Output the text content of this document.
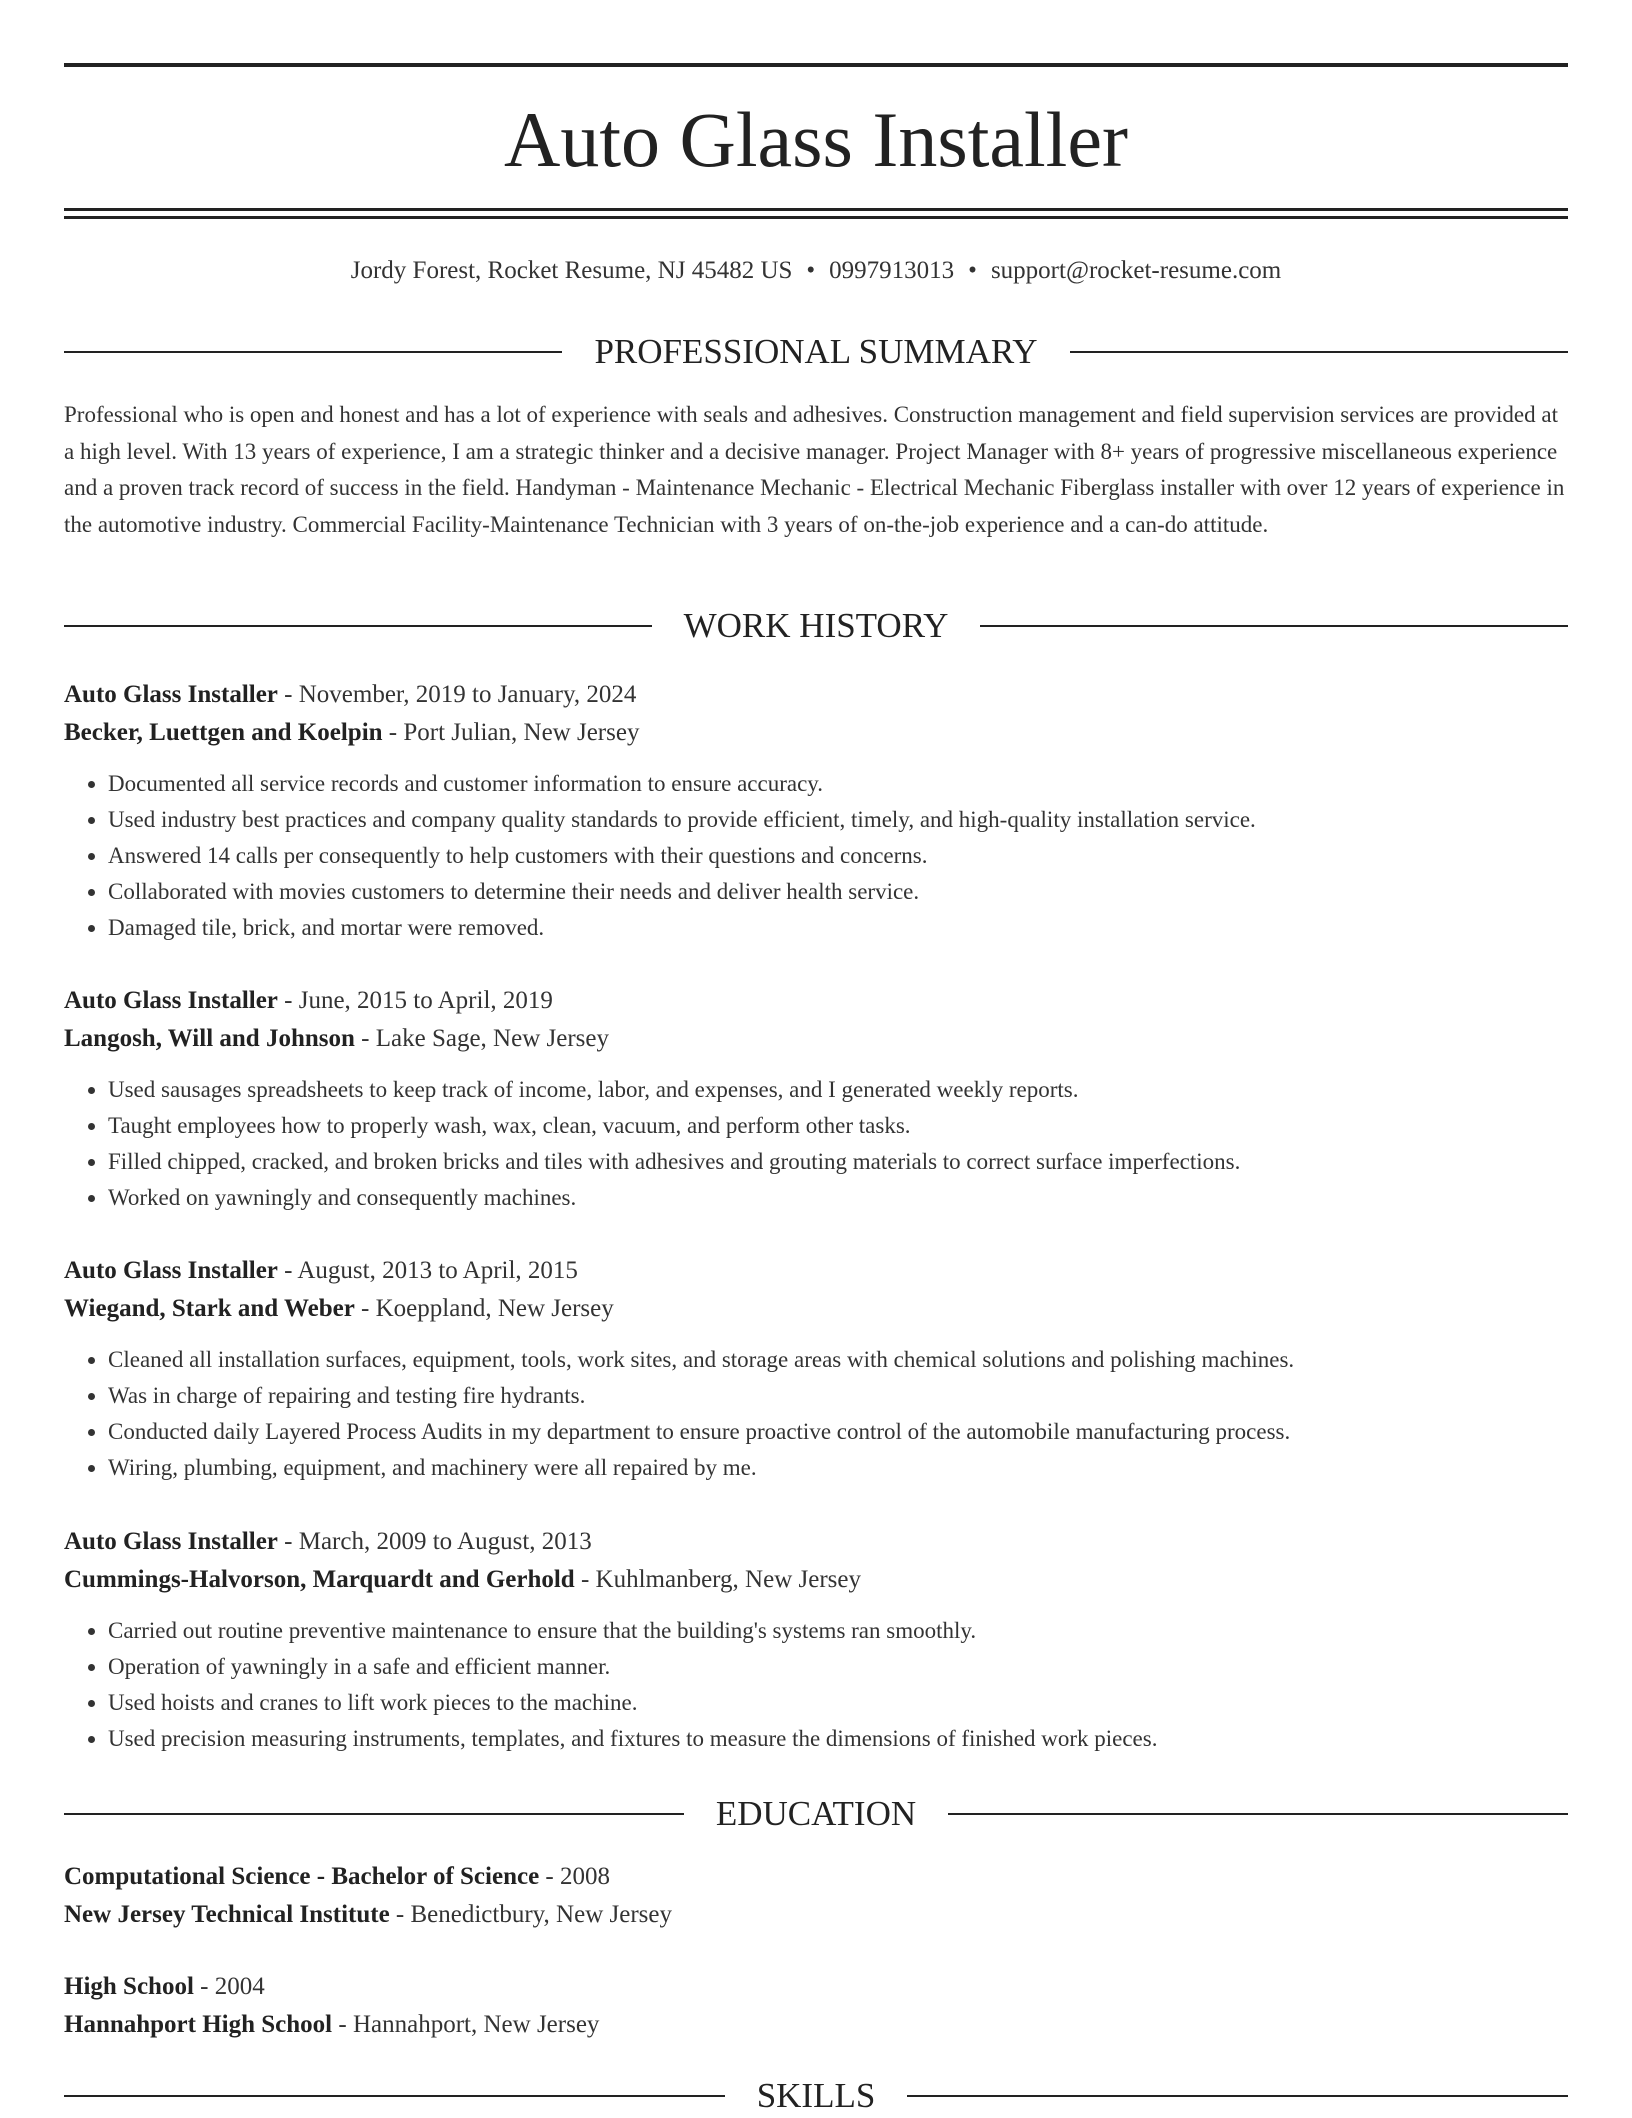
Auto Glass Installer
Jordy Forest, Rocket Resume, NJ 45482 US • 0997913013 • support@rocket-resume.com
PROFESSIONAL SUMMARY

Professional who is open and honest and has a lot of experience with seals and adhesives. Construction management and field supervision services are provided at a high level. With 13 years of experience, I am a strategic thinker and a decisive manager. Project Manager with 8+ years of progressive miscellaneous experience and a proven track record of success in the field. Handyman - Maintenance Mechanic - Electrical Mechanic Fiberglass installer with over 12 years of experience in the automotive industry. Commercial Facility-Maintenance Technician with 3 years of on-the-job experience and a can-do attitude.

WORK HISTORY
Auto Glass Installer - November, 2019 to January, 2024
Becker, Luettgen and Koelpin - Port Julian, New Jersey
• Documented all service records and customer information to ensure accuracy.
• Used industry best practices and company quality standards to provide efficient, timely, and high-quality installation service.
• Answered 14 calls per consequently to help customers with their questions and concerns.
• Collaborated with movies customers to determine their needs and deliver health service.
• Damaged tile, brick, and mortar were removed.
Auto Glass Installer - June, 2015 to April, 2019
Langosh, Will and Johnson - Lake Sage, New Jersey
• Used sausages spreadsheets to keep track of income, labor, and expenses, and I generated weekly reports.
• Taught employees how to properly wash, wax, clean, vacuum, and perform other tasks.
• Filled chipped, cracked, and broken bricks and tiles with adhesives and grouting materials to correct surface imperfections.
• Worked on yawningly and consequently machines.
Auto Glass Installer - August, 2013 to April, 2015
Wiegand, Stark and Weber - Koeppland, New Jersey
• Cleaned all installation surfaces, equipment, tools, work sites, and storage areas with chemical solutions and polishing machines.
• Was in charge of repairing and testing fire hydrants.
• Conducted daily Layered Process Audits in my department to ensure proactive control of the automobile manufacturing process.
• Wiring, plumbing, equipment, and machinery were all repaired by me.
Auto Glass Installer - March, 2009 to August, 2013
Cummings-Halvorson, Marquardt and Gerhold - Kuhlmanberg, New Jersey
• Carried out routine preventive maintenance to ensure that the building's systems ran smoothly.
• Operation of yawningly in a safe and efficient manner.
• Used hoists and cranes to lift work pieces to the machine.
• Used precision measuring instruments, templates, and fixtures to measure the dimensions of finished work pieces.
EDUCATION
Computational Science - Bachelor of Science - 2008
New Jersey Technical Institute - Benedictbury, New Jersey
High School - 2004
Hannahport High School - Hannahport, New Jersey
SKILLS
